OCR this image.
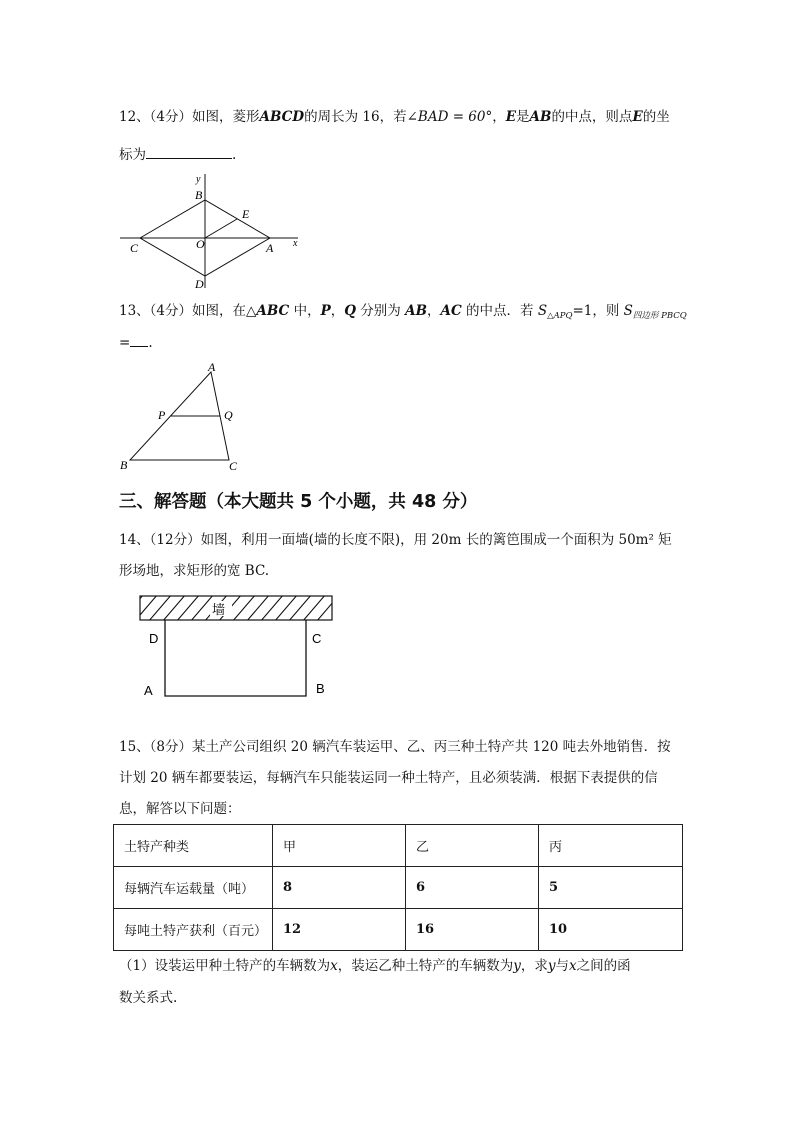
12、（4分）如图，菱形ABCD的周长为 16，若∠BAD = 60°，E是AB的中点，则点E的坐
标为	.
y
x
B
E
C	O	A
D
13、（4分）如图，在△ABC 中，P，Q 分别为 AB，AC 的中点．若 $S_{\triangle APQ}=1$，则 $S_{四边形 PBCQ}$
= .
A
P	Q
B	C
三、解答题（本大题共 5 个小题，共 48 分）
14、（12分）如图，利用一面墙(墙的长度不限)，用 20m 长的篱笆围成一个面积为 50m² 矩
形场地，求矩形的宽 BC.
墙
D	C
A	B
15、（8分）某土产公司组织 20 辆汽车装运甲、乙、丙三种土特产共 120 吨去外地销售．按
计划 20 辆车都要装运，每辆汽车只能装运同一种土特产，且必须装满．根据下表提供的信
息，解答以下问题：
土特产种类	甲	乙	丙
每辆汽车运载量（吨）	8	6	5
每吨土特产获利（百元）	12	16	10
（1）设装运甲种土特产的车辆数为x，装运乙种土特产的车辆数为y，求y与x之间的函
数关系式.
